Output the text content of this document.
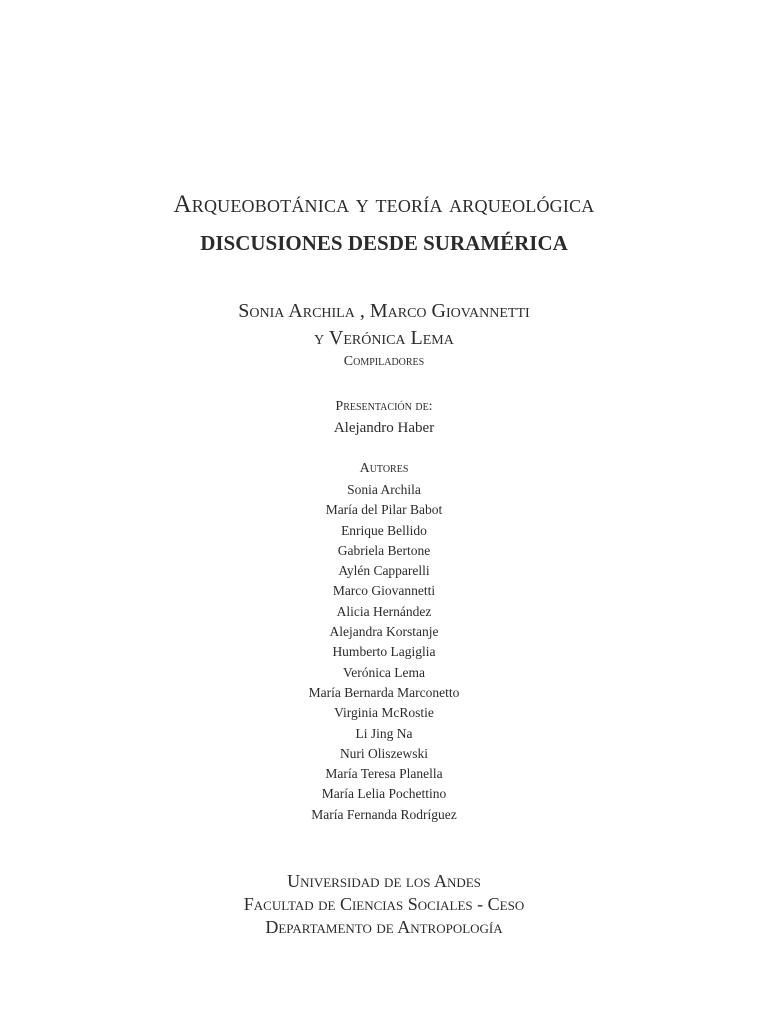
Arqueobotánica y teoría arqueológica
DISCUSIONES DESDE SURAMÉRICA
Sonia Archila , Marco Giovannetti
y Verónica Lema
Compiladores
Presentación de:
Alejandro Haber
Autores
Sonia Archila
María del Pilar Babot
Enrique Bellido
Gabriela Bertone
Aylén Capparelli
Marco Giovannetti
Alicia Hernández
Alejandra Korstanje
Humberto Lagiglia
Verónica Lema
María Bernarda Marconetto
Virginia McRostie
Li Jing Na
Nuri Oliszewski
María Teresa Planella
María Lelia Pochettino
María Fernanda Rodríguez
Universidad de los Andes
Facultad de Ciencias Sociales - Ceso
Departamento de Antropología
